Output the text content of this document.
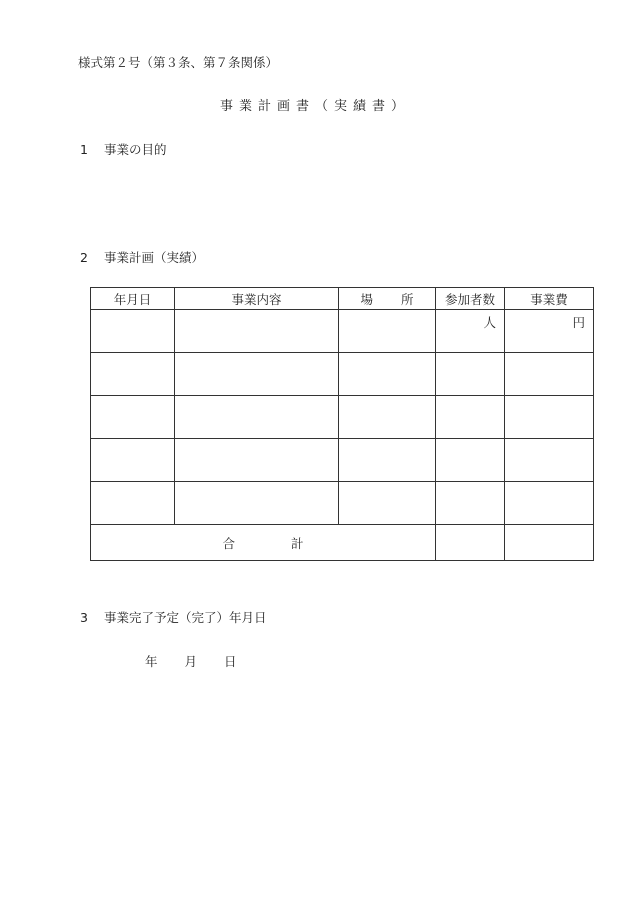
様式第２号（第３条、第７条関係）
事業計画書（実績書）
1 事業の目的
2 事業計画（実績）
年月日	事業内容	場 所	参加者数	事業費

			人	円

合 計				
3 事業完了予定（完了）年月日
年 月 日
